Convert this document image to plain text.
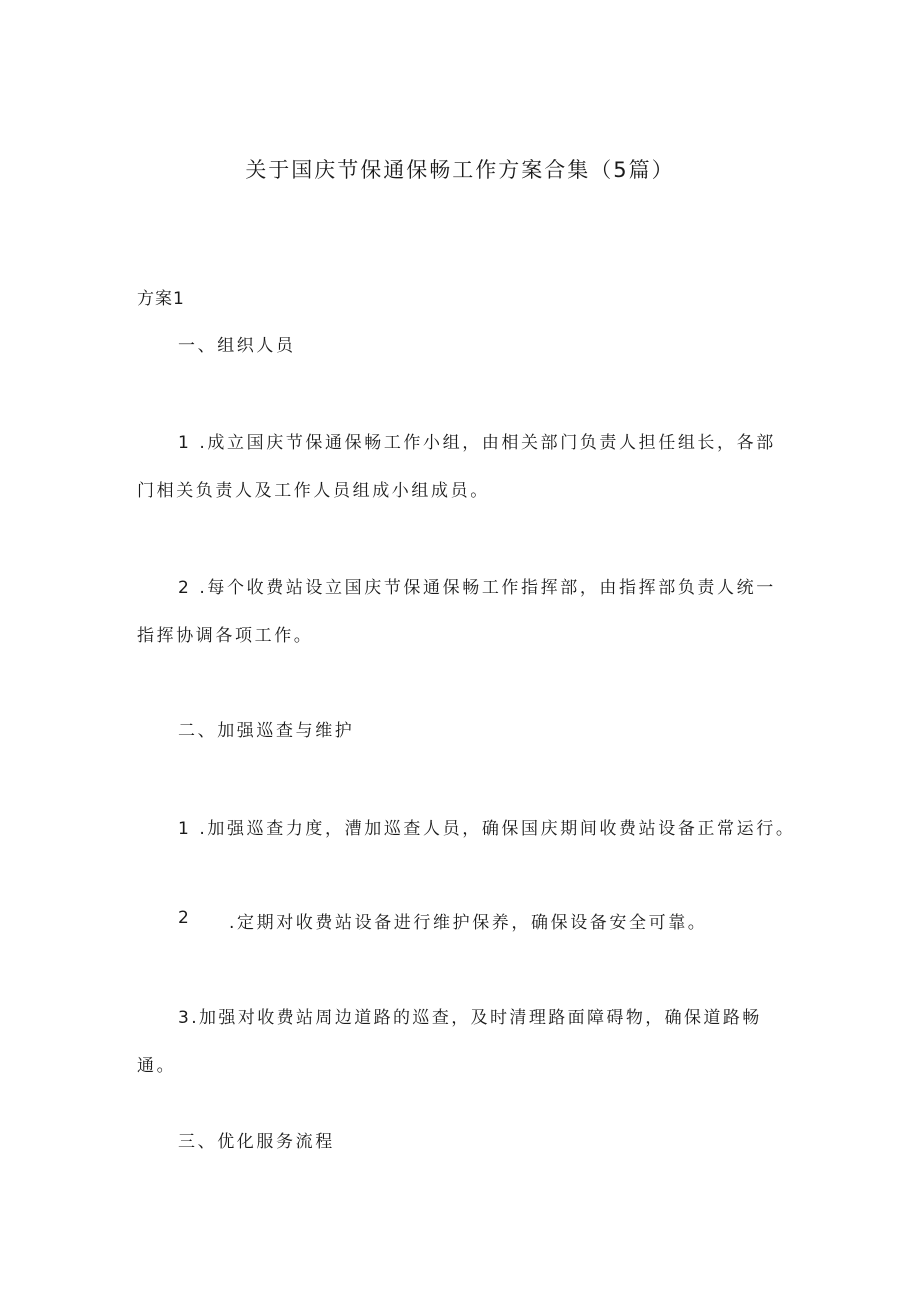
关于国庆节保通保畅工作方案合集（5篇）
方案1
一、组织人员
1 .成立国庆节保通保畅工作小组，由相关部门负责人担任组长，各部
门相关负责人及工作人员组成小组成员。
2 .每个收费站设立国庆节保通保畅工作指挥部，由指挥部负责人统一
指挥协调各项工作。
二、加强巡查与维护
1 .加强巡查力度，漕加巡查人员，确保国庆期间收费站设备正常运行。
2 .定期对收费站设备进行维护保养，确保设备安全可靠。
3.加强对收费站周边道路的巡查，及时清理路面障碍物，确保道路畅
通。
三、优化服务流程
